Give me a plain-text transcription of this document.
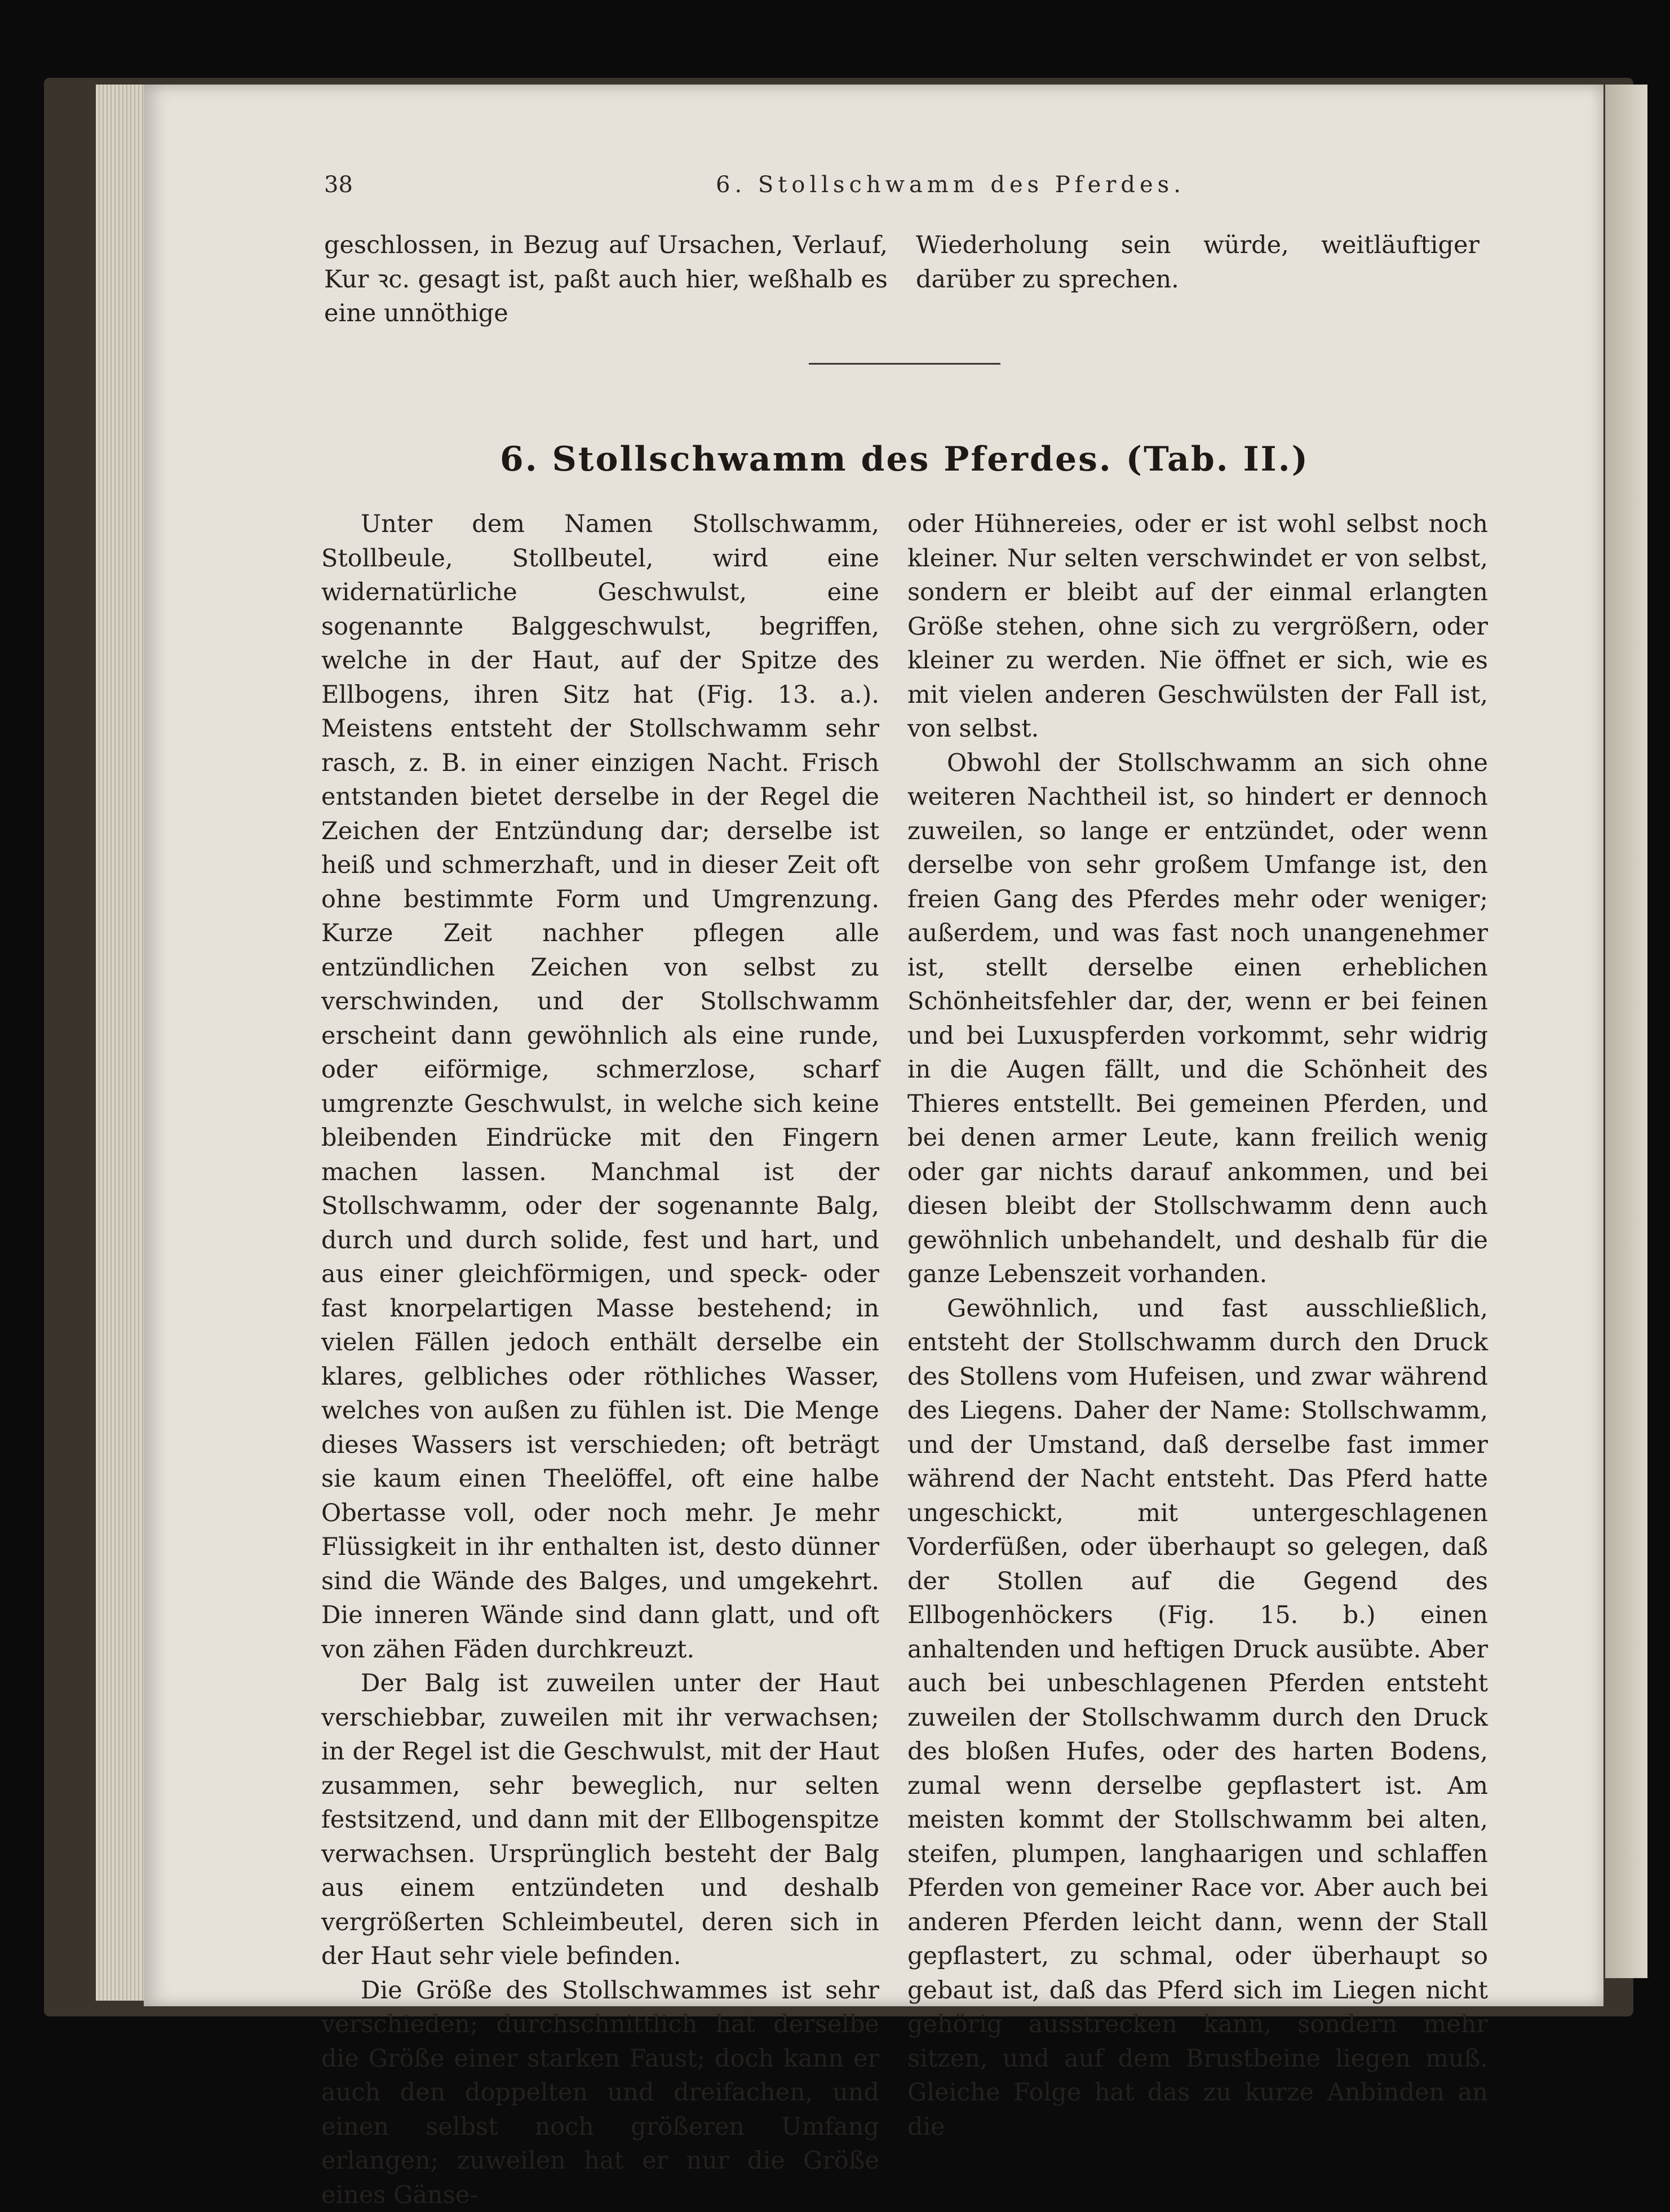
38	6. Stollschwamm des Pferdes.

geschlossen, in Bezug auf Ursachen, Verlauf, Kur ꝛc. gesagt ist, paßt auch hier, weßhalb es eine unnöthige

Wiederholung sein würde, weitläuftiger darüber zu sprechen.

6. Stollschwamm des Pferdes. (Tab. II.)

Unter dem Namen Stollschwamm, Stollbeule, Stollbeutel, wird eine widernatürliche Geschwulst, eine sogenannte Balggeschwulst, begriffen, welche in der Haut, auf der Spitze des Ellbogens, ihren Sitz hat (Fig. 13. a.). Meistens entsteht der Stollschwamm sehr rasch, z. B. in einer einzigen Nacht. Frisch entstanden bietet derselbe in der Regel die Zeichen der Entzündung dar; derselbe ist heiß und schmerzhaft, und in dieser Zeit oft ohne bestimmte Form und Umgrenzung. Kurze Zeit nachher pflegen alle entzündlichen Zeichen von selbst zu verschwinden, und der Stollschwamm erscheint dann gewöhnlich als eine runde, oder eiförmige, schmerzlose, scharf umgrenzte Geschwulst, in welche sich keine bleibenden Eindrücke mit den Fingern machen lassen. Manchmal ist der Stollschwamm, oder der sogenannte Balg, durch und durch solide, fest und hart, und aus einer gleichförmigen, und speck- oder fast knorpelartigen Masse bestehend; in vielen Fällen jedoch enthält derselbe ein klares, gelbliches oder röthliches Wasser, welches von außen zu fühlen ist. Die Menge dieses Wassers ist verschieden; oft beträgt sie kaum einen Theelöffel, oft eine halbe Obertasse voll, oder noch mehr. Je mehr Flüssigkeit in ihr enthalten ist, desto dünner sind die Wände des Balges, und umgekehrt. Die inneren Wände sind dann glatt, und oft von zähen Fäden durchkreuzt.

Der Balg ist zuweilen unter der Haut verschiebbar, zuweilen mit ihr verwachsen; in der Regel ist die Geschwulst, mit der Haut zusammen, sehr beweglich, nur selten festsitzend, und dann mit der Ellbogenspitze verwachsen. Ursprünglich besteht der Balg aus einem entzündeten und deshalb vergrößerten Schleimbeutel, deren sich in der Haut sehr viele befinden.

Die Größe des Stollschwammes ist sehr verschieden; durchschnittlich hat derselbe die Größe einer starken Faust; doch kann er auch den doppelten und dreifachen, und einen selbst noch größeren Umfang erlangen; zuweilen hat er nur die Größe eines Gänse-

oder Hühnereies, oder er ist wohl selbst noch kleiner. Nur selten verschwindet er von selbst, sondern er bleibt auf der einmal erlangten Größe stehen, ohne sich zu vergrößern, oder kleiner zu werden. Nie öffnet er sich, wie es mit vielen anderen Geschwülsten der Fall ist, von selbst.

Obwohl der Stollschwamm an sich ohne weiteren Nachtheil ist, so hindert er dennoch zuweilen, so lange er entzündet, oder wenn derselbe von sehr großem Umfange ist, den freien Gang des Pferdes mehr oder weniger; außerdem, und was fast noch unangenehmer ist, stellt derselbe einen erheblichen Schönheitsfehler dar, der, wenn er bei feinen und bei Luxuspferden vorkommt, sehr widrig in die Augen fällt, und die Schönheit des Thieres entstellt. Bei gemeinen Pferden, und bei denen armer Leute, kann freilich wenig oder gar nichts darauf ankommen, und bei diesen bleibt der Stollschwamm denn auch gewöhnlich unbehandelt, und deshalb für die ganze Lebenszeit vorhanden.

Gewöhnlich, und fast ausschließlich, entsteht der Stollschwamm durch den Druck des Stollens vom Hufeisen, und zwar während des Liegens. Daher der Name: Stollschwamm, und der Umstand, daß derselbe fast immer während der Nacht entsteht. Das Pferd hatte ungeschickt, mit untergeschlagenen Vorderfüßen, oder überhaupt so gelegen, daß der Stollen auf die Gegend des Ellbogenhöckers (Fig. 15. b.) einen anhaltenden und heftigen Druck ausübte. Aber auch bei unbeschlagenen Pferden entsteht zuweilen der Stollschwamm durch den Druck des bloßen Hufes, oder des harten Bodens, zumal wenn derselbe gepflastert ist. Am meisten kommt der Stollschwamm bei alten, steifen, plumpen, langhaarigen und schlaffen Pferden von gemeiner Race vor. Aber auch bei anderen Pferden leicht dann, wenn der Stall gepflastert, zu schmal, oder überhaupt so gebaut ist, daß das Pferd sich im Liegen nicht gehörig ausstrecken kann, sondern mehr sitzen, und auf dem Brustbeine liegen muß. Gleiche Folge hat das zu kurze Anbinden an die
